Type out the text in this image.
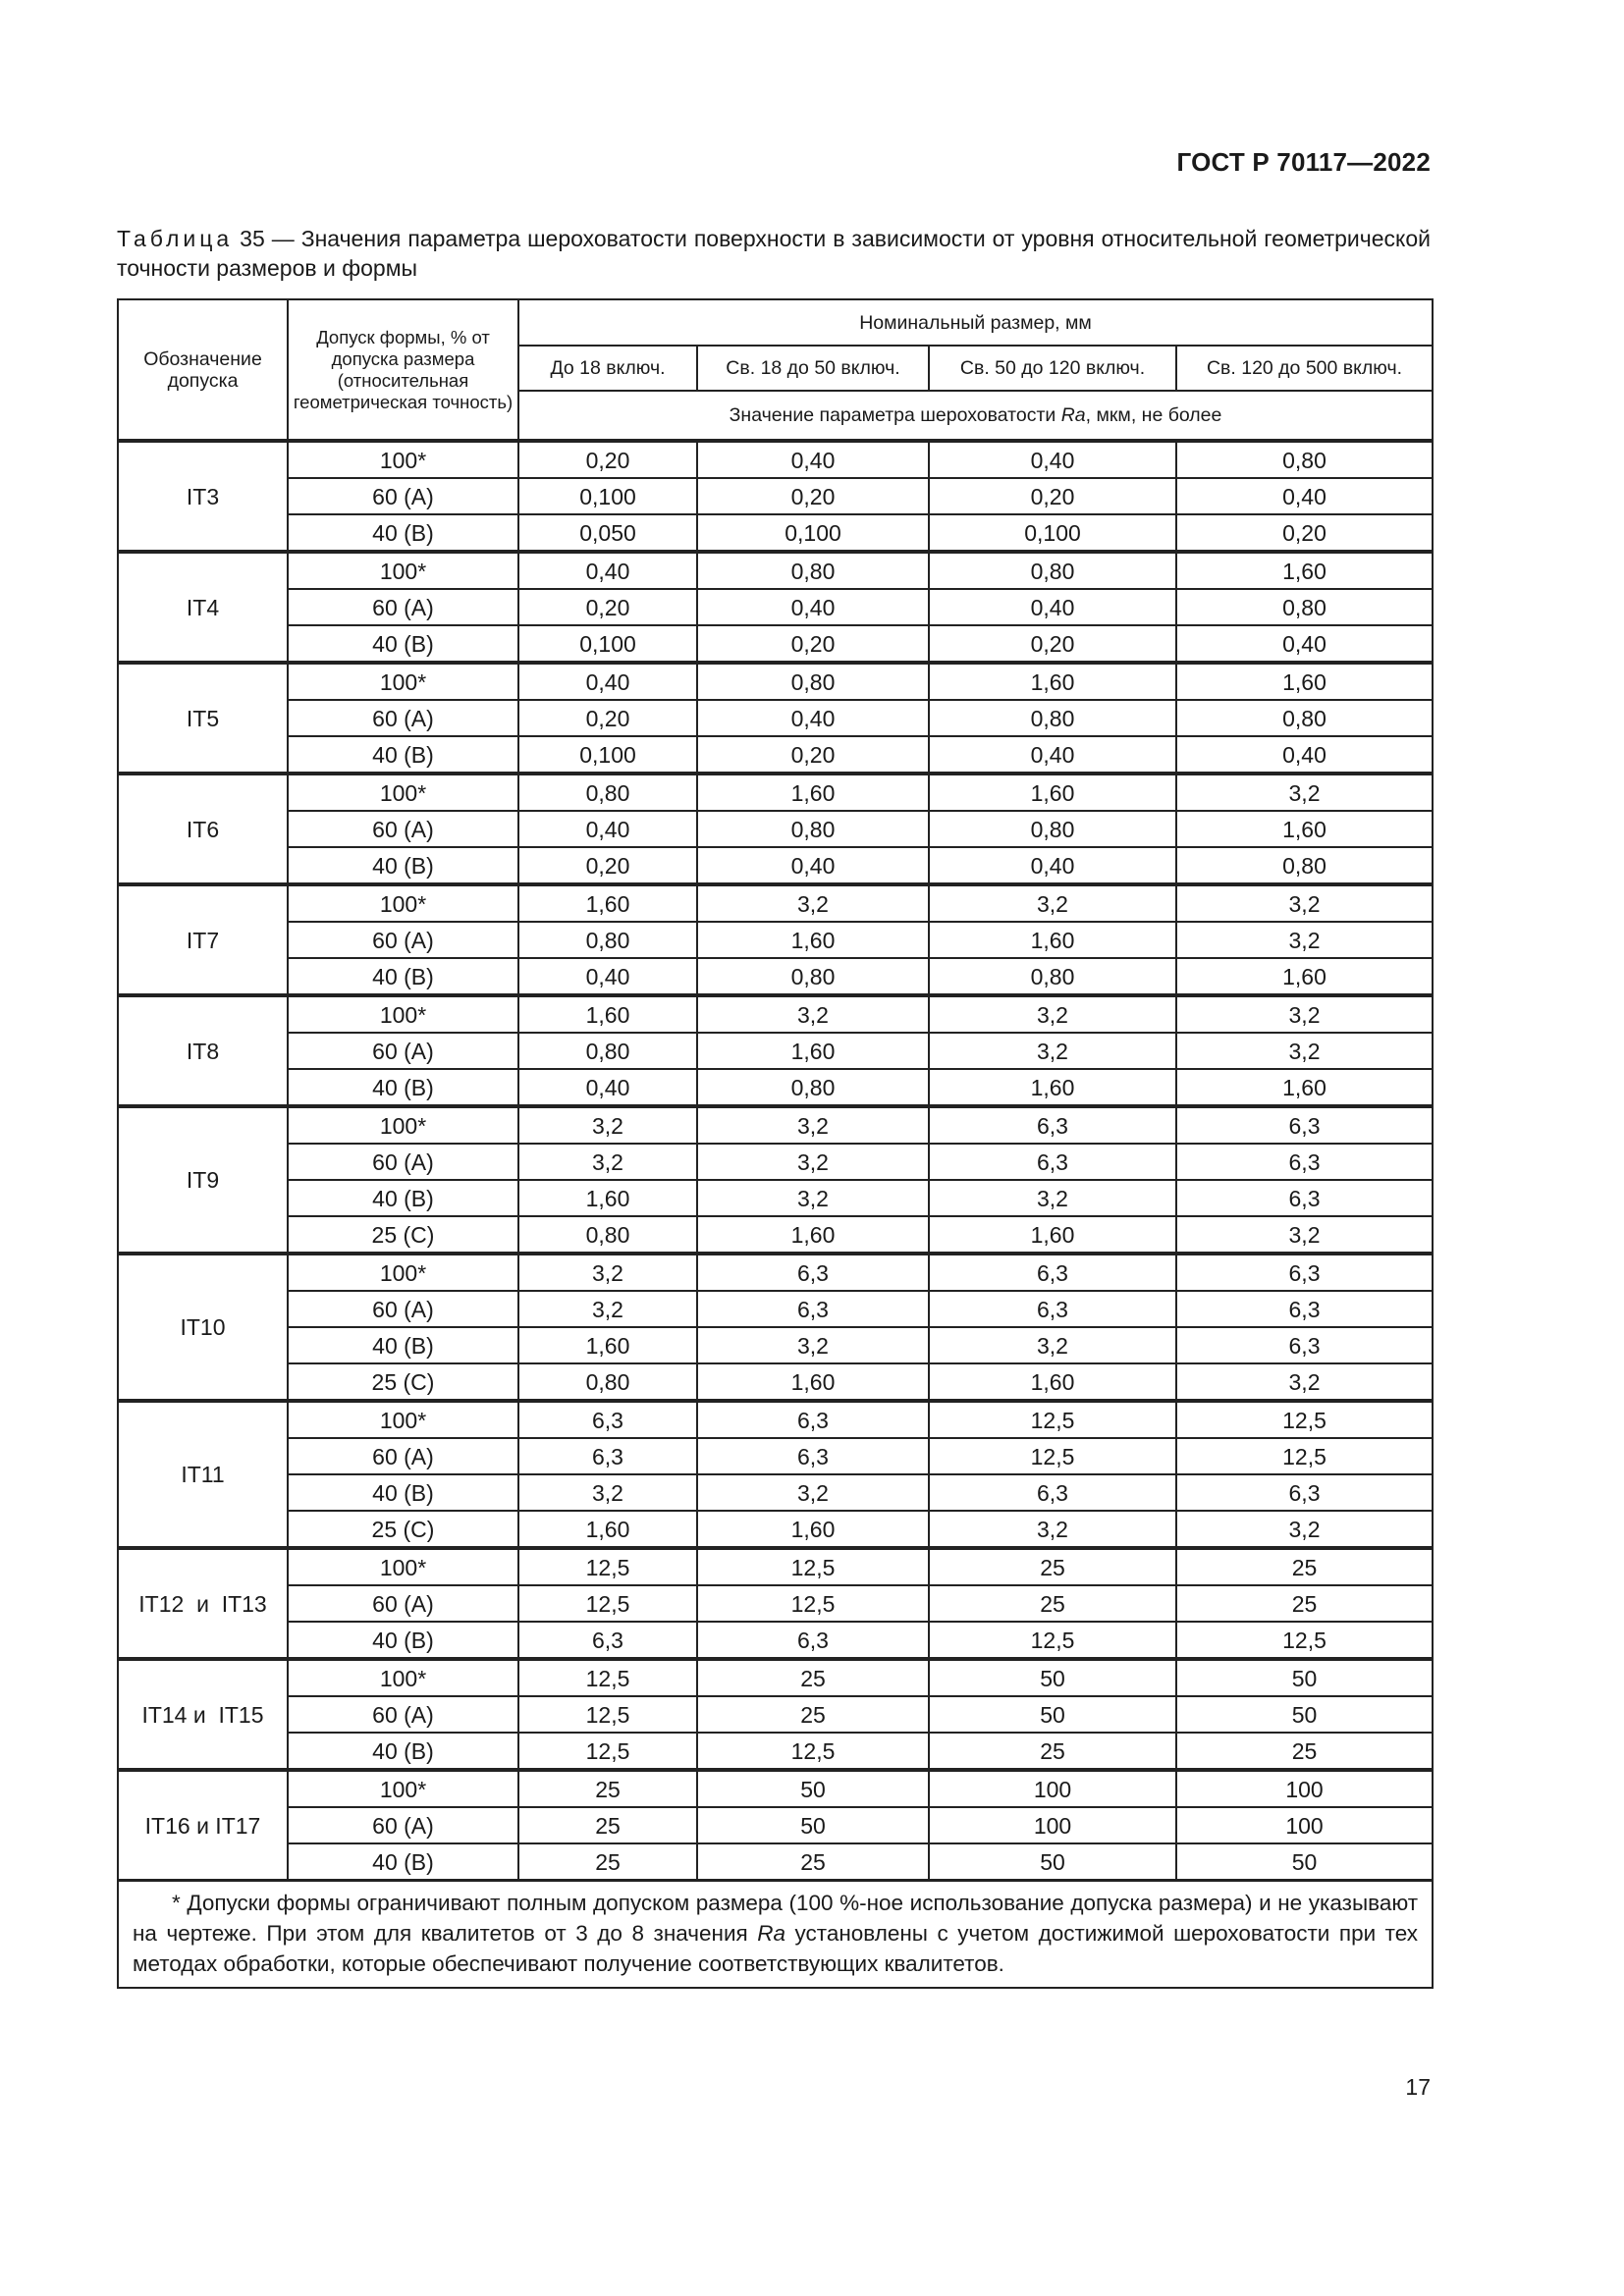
ГОСТ Р 70117—2022
Таблица 35 — Значения параметра шероховатости поверхности в зависимости от уровня относительной геометрической точности размеров и формы
Обозначение допуска	Допуск формы, % от допуска размера (относительная геометрическая точность)	Номинальный размер, мм			
		До 18 включ.	Св. 18 до 50 включ.	Св. 50 до 120 включ.	Св. 120 до 500 включ.
		Значение параметра шероховатости Ra, мкм, не более			
IT3	100*	0,20	0,40	0,40	0,80
	60 (A)	0,100	0,20	0,20	0,40
	40 (B)	0,050	0,100	0,100	0,20
IT4	100*	0,40	0,80	0,80	1,60
	60 (A)	0,20	0,40	0,40	0,80
	40 (B)	0,100	0,20	0,20	0,40
IT5	100*	0,40	0,80	1,60	1,60
	60 (A)	0,20	0,40	0,80	0,80
	40 (B)	0,100	0,20	0,40	0,40
IT6	100*	0,80	1,60	1,60	3,2
	60 (A)	0,40	0,80	0,80	1,60
	40 (B)	0,20	0,40	0,40	0,80
IT7	100*	1,60	3,2	3,2	3,2
	60 (A)	0,80	1,60	1,60	3,2
	40 (B)	0,40	0,80	0,80	1,60
IT8	100*	1,60	3,2	3,2	3,2
	60 (A)	0,80	1,60	3,2	3,2
	40 (B)	0,40	0,80	1,60	1,60
IT9	100*	3,2	3,2	6,3	6,3
	60 (A)	3,2	3,2	6,3	6,3
	40 (B)	1,60	3,2	3,2	6,3
	25 (C)	0,80	1,60	1,60	3,2
IT10	100*	3,2	6,3	6,3	6,3
	60 (A)	3,2	6,3	6,3	6,3
	40 (B)	1,60	3,2	3,2	6,3
	25 (C)	0,80	1,60	1,60	3,2
IT11	100*	6,3	6,3	12,5	12,5
	60 (A)	6,3	6,3	12,5	12,5
	40 (B)	3,2	3,2	6,3	6,3
	25 (C)	1,60	1,60	3,2	3,2
IT12  и  IT13	100*	12,5	12,5	25	25
	60 (A)	12,5	12,5	25	25
	40 (B)	6,3	6,3	12,5	12,5
IT14 и  IT15	100*	12,5	25	50	50
	60 (A)	12,5	25	50	50
	40 (B)	12,5	12,5	25	25
IT16 и IT17	100*	25	50	100	100
	60 (A)	25	50	100	100
	40 (B)	25	25	50	50
* Допуски формы ограничивают полным допуском размера (100 %-ное использование допуска размера) и не указывают на чертеже. При этом для квалитетов от 3 до 8 значения Ra установлены с учетом достижимой шероховатости при тех методах обработки, которые обеспечивают получение соответствующих квалитетов.					
17
